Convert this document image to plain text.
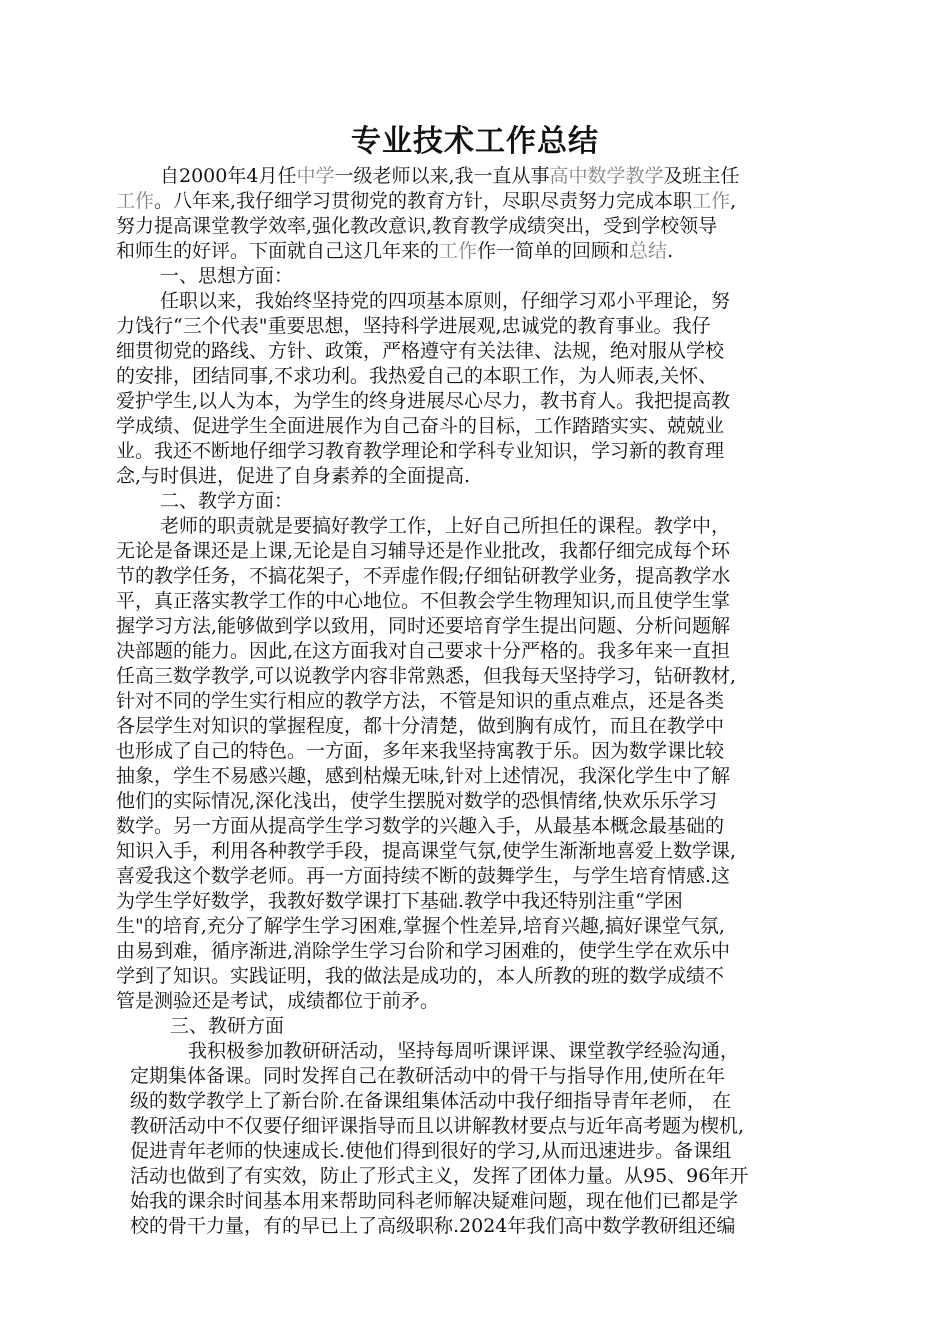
专业技术工作总结
自2000年4月任中学一级老师以来,我一直从事高中数学教学及班主任
工作。八年来,我仔细学习贯彻党的教育方针，尽职尽责努力完成本职工作,
努力提高课堂教学效率,强化教改意识,教育教学成绩突出，受到学校领导
和师生的好评。下面就自己这几年来的工作作一简单的回顾和总结.
一、思想方面：
任职以来，我始终坚持党的四项基本原则，仔细学习邓小平理论，努
力饯行“三个代表"重要思想，坚持科学进展观,忠诚党的教育事业。我仔
细贯彻党的路线、方针、政策，严格遵守有关法律、法规，绝对服从学校
的安排，团结同事,不求功利。我热爱自己的本职工作，为人师表,关怀、
爱护学生,以人为本，为学生的终身进展尽心尽力，教书育人。我把提高教
学成绩、促进学生全面进展作为自己奋斗的目标，工作踏踏实实、兢兢业
业。我还不断地仔细学习教育教学理论和学科专业知识，学习新的教育理
念,与时俱进，促进了自身素养的全面提高.
二、教学方面：
老师的职责就是要搞好教学工作，上好自己所担任的课程。教学中，
无论是备课还是上课,无论是自习辅导还是作业批改，我都仔细完成每个环
节的教学任务，不搞花架子，不弄虚作假;仔细钻研教学业务，提高教学水
平，真正落实教学工作的中心地位。不但教会学生物理知识,而且使学生掌
握学习方法,能够做到学以致用，同时还要培育学生提出问题、分析问题解
决部题的能力。因此,在这方面我对自己要求十分严格的。我多年来一直担
任高三数学教学,可以说教学内容非常熟悉，但我每天坚持学习，钻研教材,
针对不同的学生实行相应的教学方法，不管是知识的重点难点，还是各类
各层学生对知识的掌握程度，都十分清楚，做到胸有成竹，而且在教学中
也形成了自己的特色。一方面，多年来我坚持寓教于乐。因为数学课比较
抽象，学生不易感兴趣，感到枯燥无味,针对上述情况，我深化学生中了解
他们的实际情况,深化浅出，使学生摆脱对数学的恐惧情绪,快欢乐乐学习
数学。另一方面从提高学生学习数学的兴趣入手，从最基本概念最基础的
知识入手，利用各种教学手段，提高课堂气氛,使学生渐渐地喜爱上数学课,
喜爱我这个数学老师。再一方面持续不断的鼓舞学生，与学生培育情感.这
为学生学好数学，我教好数学课打下基础.教学中我还特别注重“学困
生"的培育,充分了解学生学习困难,掌握个性差异,培育兴趣,搞好课堂气氛,
由易到难，循序渐进,消除学生学习台阶和学习困难的，使学生学在欢乐中
学到了知识。实践证明，我的做法是成功的，本人所教的班的数学成绩不
管是测验还是考试，成绩都位于前矛。
三、教研方面
我积极参加教研研活动，坚持每周听课评课、课堂教学经验沟通，
定期集体备课。同时发挥自己在教研活动中的骨干与指导作用,使所在年
级的数学教学上了新台阶.在备课组集体活动中我仔细指导青年老师， 在
教研活动中不仅要仔细评课指导而且以讲解教材要点与近年高考题为楔机,
促进青年老师的快速成长.使他们得到很好的学习,从而迅速进步。备课组
活动也做到了有实效，防止了形式主义，发挥了团体力量。从95、96年开
始我的课余时间基本用来帮助同科老师解决疑难问题，现在他们已都是学
校的骨干力量，有的早已上了高级职称.2024年我们高中数学教研组还编
